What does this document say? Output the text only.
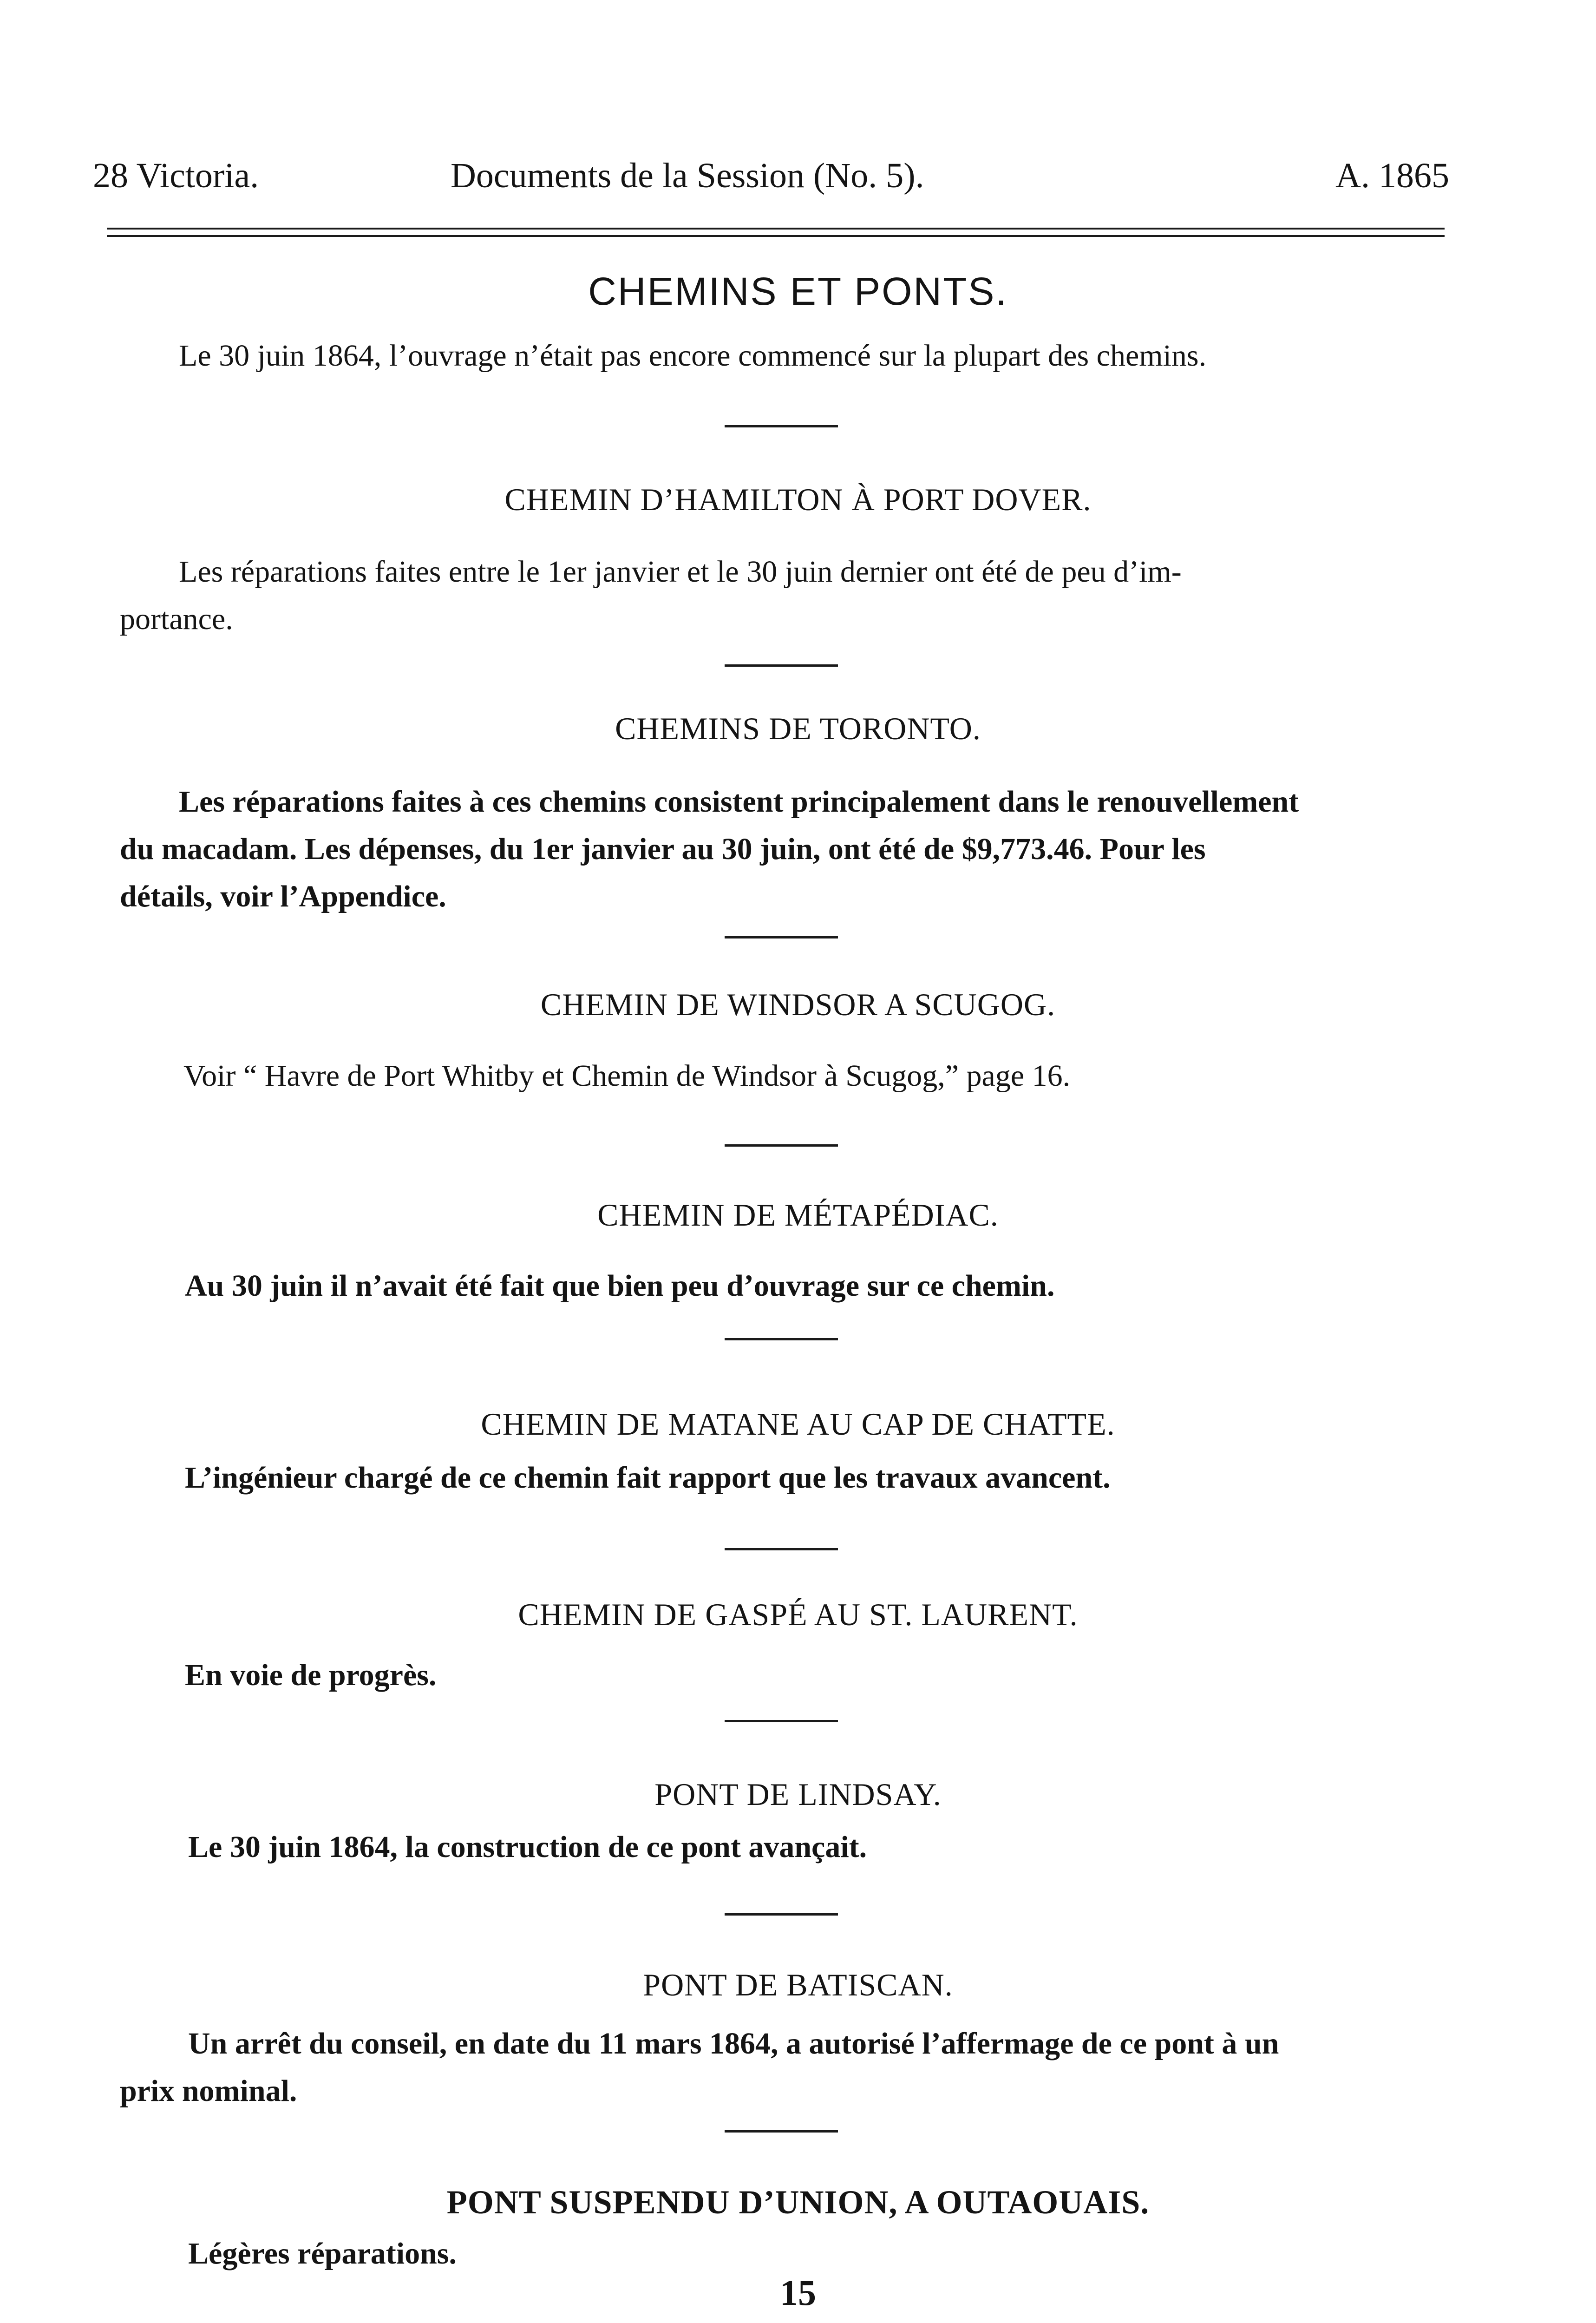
28 Victoria.	Documents de la Session (No. 5).	A. 1865
CHEMINS ET PONTS.
Le 30 juin 1864, l’ouvrage n’était pas encore commencé sur la plupart des chemins.
CHEMIN D’HAMILTON À PORT DOVER.
Les réparations faites entre le 1er janvier et le 30 juin dernier ont été de peu d’im-
portance.
CHEMINS DE TORONTO.
Les réparations faites à ces chemins consistent principalement dans le renouvellement
du macadam. Les dépenses, du 1er janvier au 30 juin, ont été de $9,773.46. Pour les
détails, voir l’Appendice.
CHEMIN DE WINDSOR A SCUGOG.
Voir “ Havre de Port Whitby et Chemin de Windsor à Scugog,” page 16.
CHEMIN DE MÉTAPÉDIAC.
Au 30 juin il n’avait été fait que bien peu d’ouvrage sur ce chemin.
CHEMIN DE MATANE AU CAP DE CHATTE.
L’ingénieur chargé de ce chemin fait rapport que les travaux avancent.
CHEMIN DE GASPÉ AU ST. LAURENT.
En voie de progrès.
PONT DE LINDSAY.
Le 30 juin 1864, la construction de ce pont avançait.
PONT DE BATISCAN.
Un arrêt du conseil, en date du 11 mars 1864, a autorisé l’affermage de ce pont à un
prix nominal.
PONT SUSPENDU D’UNION, A OUTAOUAIS.
Légères réparations.
15
